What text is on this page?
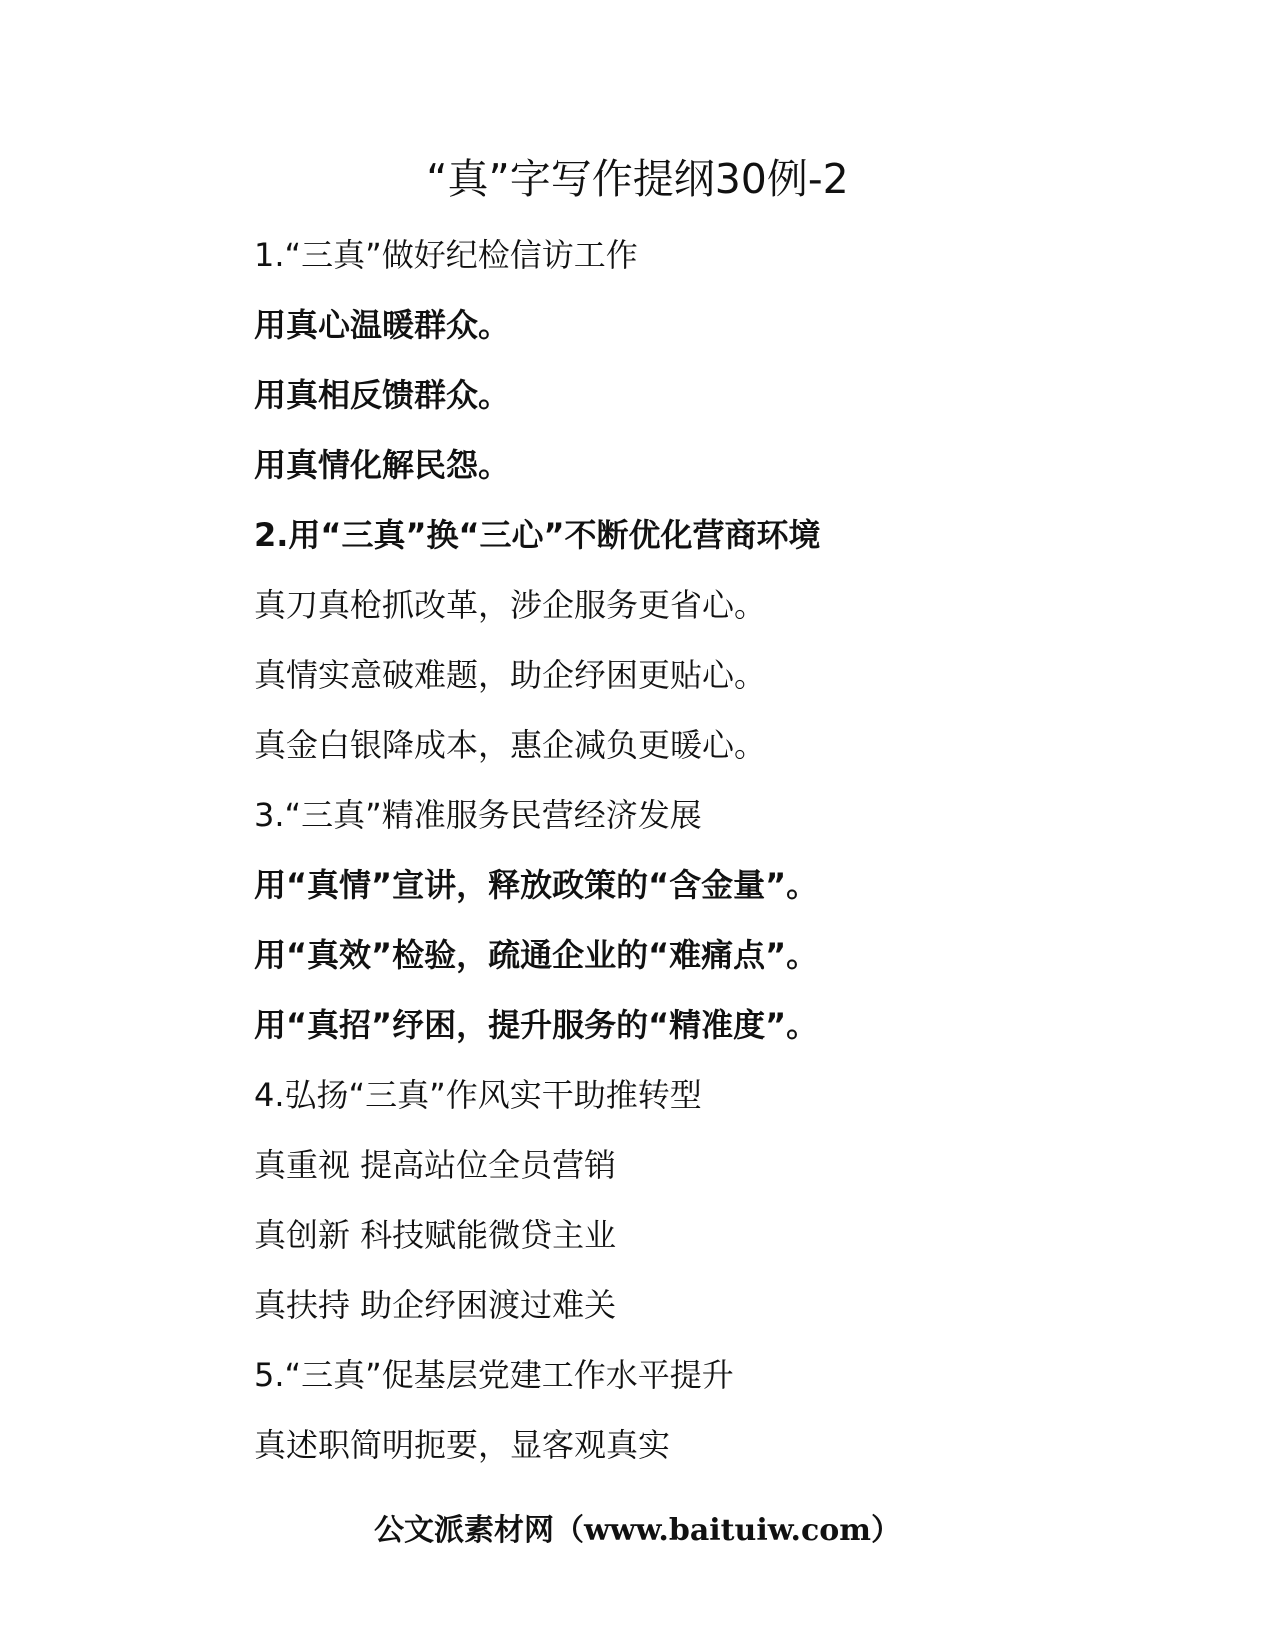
“真”字写作提纲30例-2
1.“三真”做好纪检信访工作
用真心温暖群众。
用真相反馈群众。
用真情化解民怨。
2.用“三真”换“三心”不断优化营商环境
真刀真枪抓改革，涉企服务更省心。
真情实意破难题，助企纾困更贴心。
真金白银降成本，惠企减负更暖心。
3.“三真”精准服务民营经济发展
用“真情”宣讲，释放政策的“含金量”。
用“真效”检验，疏通企业的“难痛点”。
用“真招”纾困，提升服务的“精准度”。
4.弘扬“三真”作风实干助推转型
真重视 提高站位全员营销
真创新 科技赋能微贷主业
真扶持 助企纾困渡过难关
5.“三真”促基层党建工作水平提升
真述职简明扼要，显客观真实
公文派素材网（www.baituiw.com）
